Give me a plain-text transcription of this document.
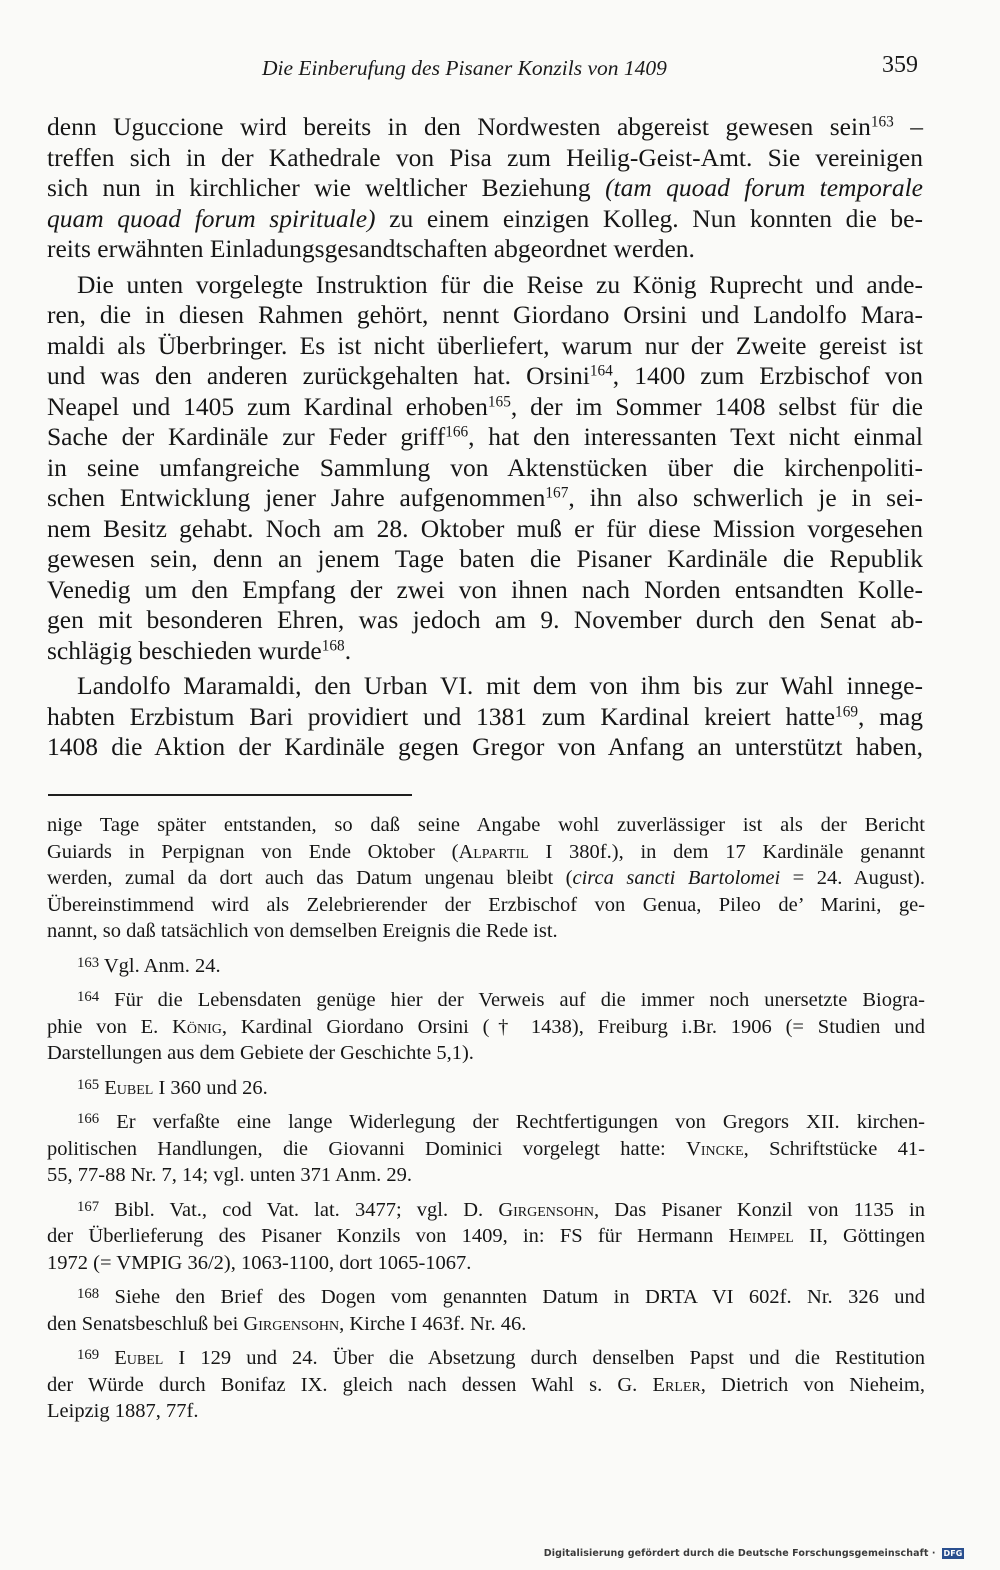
Die Einberufung des Pisaner Konzils von 1409	359
denn Uguccione wird bereits in den Nordwesten abgereist gewesen sein$^{163}$ –
treffen sich in der Kathedrale von Pisa zum Heilig-Geist-Amt. Sie vereinigen
sich nun in kirchlicher wie weltlicher Beziehung (tam quoad forum temporale
quam quoad forum spirituale) zu einem einzigen Kolleg. Nun konnten die be-
reits erwähnten Einladungsgesandtschaften abgeordnet werden.
Die unten vorgelegte Instruktion für die Reise zu König Ruprecht und ande-
ren, die in diesen Rahmen gehört, nennt Giordano Orsini und Landolfo Mara-
maldi als Überbringer. Es ist nicht überliefert, warum nur der Zweite gereist ist
und was den anderen zurückgehalten hat. Orsini$^{164}$, 1400 zum Erzbischof von
Neapel und 1405 zum Kardinal erhoben$^{165}$, der im Sommer 1408 selbst für die
Sache der Kardinäle zur Feder griff$^{166}$, hat den interessanten Text nicht einmal
in seine umfangreiche Sammlung von Aktenstücken über die kirchenpoliti-
schen Entwicklung jener Jahre aufgenommen$^{167}$, ihn also schwerlich je in sei-
nem Besitz gehabt. Noch am 28. Oktober muß er für diese Mission vorgesehen
gewesen sein, denn an jenem Tage baten die Pisaner Kardinäle die Republik
Venedig um den Empfang der zwei von ihnen nach Norden entsandten Kolle-
gen mit besonderen Ehren, was jedoch am 9. November durch den Senat ab-
schlägig beschieden wurde$^{168}$.
Landolfo Maramaldi, den Urban VI. mit dem von ihm bis zur Wahl innege-
habten Erzbistum Bari providiert und 1381 zum Kardinal kreiert hatte$^{169}$, mag
1408 die Aktion der Kardinäle gegen Gregor von Anfang an unterstützt haben,
nige Tage später entstanden, so daß seine Angabe wohl zuverlässiger ist als der Bericht
Guiards in Perpignan von Ende Oktober (Alpartil I 380f.), in dem 17 Kardinäle genannt
werden, zumal da dort auch das Datum ungenau bleibt (circa sancti Bartolomei = 24. August).
Übereinstimmend wird als Zelebrierender der Erzbischof von Genua, Pileo de’ Marini, ge-
nannt, so daß tatsächlich von demselben Ereignis die Rede ist.
$^{163}$ Vgl. Anm. 24.
$^{164}$ Für die Lebensdaten genüge hier der Verweis auf die immer noch unersetzte Biogra-
phie von E. König, Kardinal Giordano Orsini († 1438), Freiburg i.Br. 1906 (= Studien und
Darstellungen aus dem Gebiete der Geschichte 5,1).
$^{165}$ Eubel I 360 und 26.
$^{166}$ Er verfaßte eine lange Widerlegung der Rechtfertigungen von Gregors XII. kirchen-
politischen Handlungen, die Giovanni Dominici vorgelegt hatte: Vincke, Schriftstücke 41-
55, 77-88 Nr. 7, 14; vgl. unten 371 Anm. 29.
$^{167}$ Bibl. Vat., cod Vat. lat. 3477; vgl. D. Girgensohn, Das Pisaner Konzil von 1135 in
der Überlieferung des Pisaner Konzils von 1409, in: FS für Hermann Heimpel II, Göttingen
1972 (= VMPIG 36/2), 1063-1100, dort 1065-1067.
$^{168}$ Siehe den Brief des Dogen vom genannten Datum in DRTA VI 602f. Nr. 326 und
den Senatsbeschluß bei Girgensohn, Kirche I 463f. Nr. 46.
$^{169}$ Eubel I 129 und 24. Über die Absetzung durch denselben Papst und die Restitution
der Würde durch Bonifaz IX. gleich nach dessen Wahl s. G. Erler, Dietrich von Nieheim,
Leipzig 1887, 77f.
Digitalisierung gefördert durch die Deutsche Forschungsgemeinschaft · DFG
